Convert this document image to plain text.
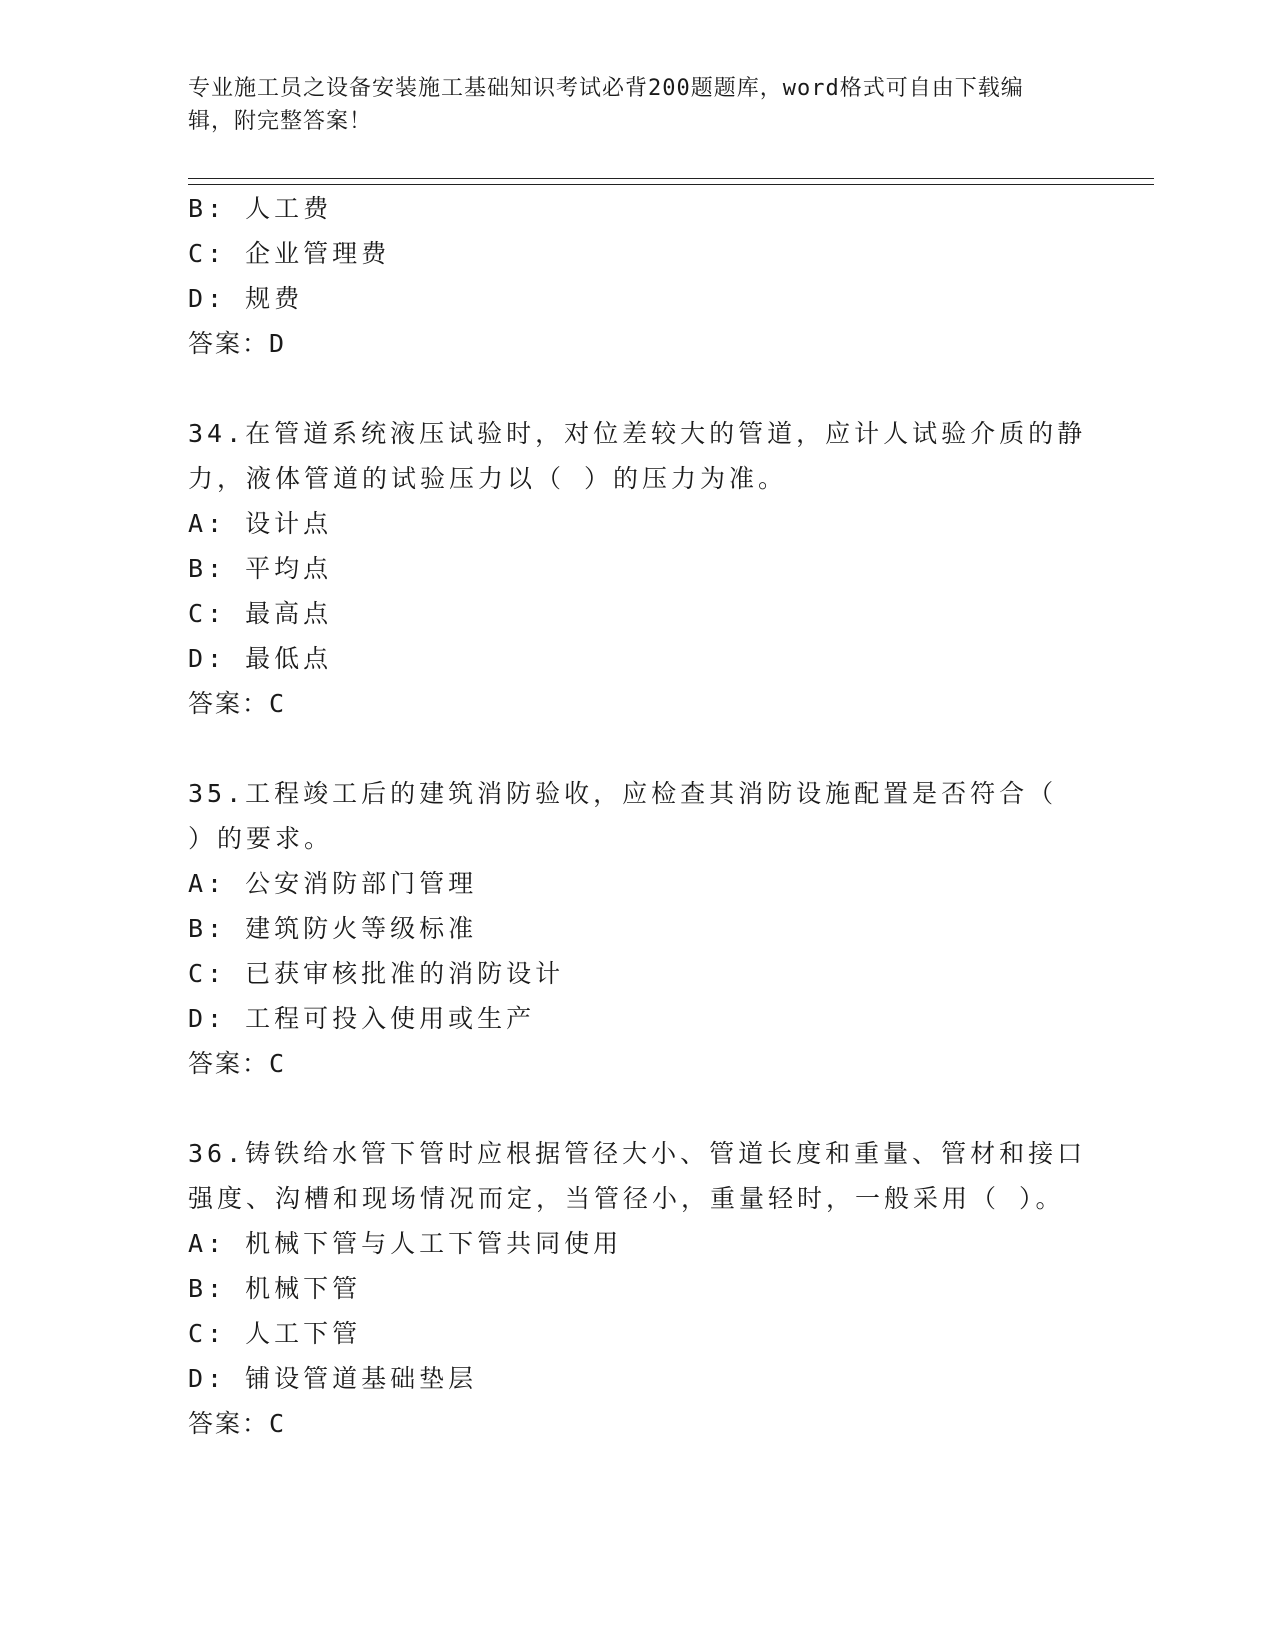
专业施工员之设备安装施工基础知识考试必背200题题库，word格式可自由下载编辑，附完整答案！
B: 人工费
C: 企业管理费
D: 规费
答案：D
34.在管道系统液压试验时，对位差较大的管道，应计人试验介质的静
力，液体管道的试验压力以（ ）的压力为准。
A: 设计点
B: 平均点
C: 最高点
D: 最低点
答案：C
35.工程竣工后的建筑消防验收，应检查其消防设施配置是否符合（
）的要求。
A: 公安消防部门管理
B: 建筑防火等级标准
C: 已获审核批准的消防设计
D: 工程可投入使用或生产
答案：C
36.铸铁给水管下管时应根据管径大小、管道长度和重量、管材和接口
强度、沟槽和现场情况而定，当管径小，重量轻时，一般采用（ ）。
A: 机械下管与人工下管共同使用
B: 机械下管
C: 人工下管
D: 铺设管道基础垫层
答案：C
